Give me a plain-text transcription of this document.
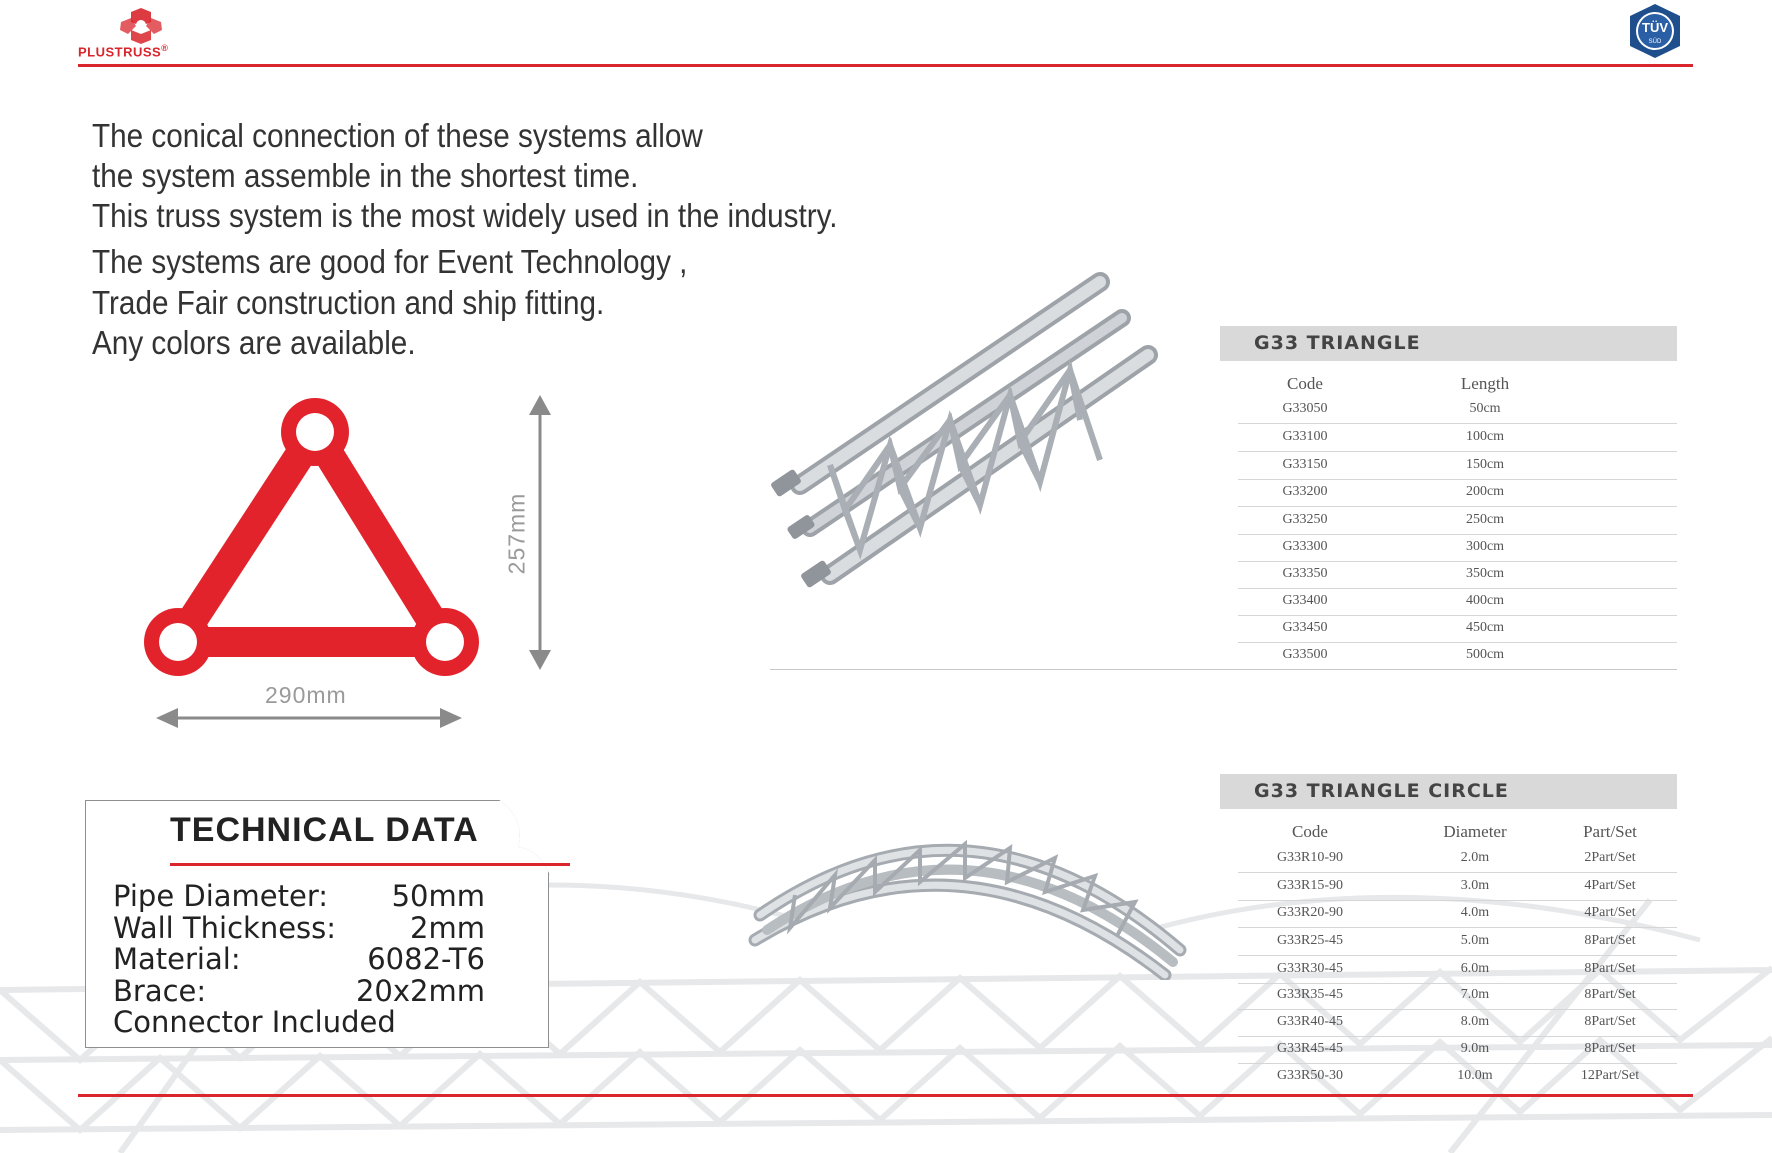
PLUSTRUSS®
TÜV
SÜD
The conical connection of these systems allow
the system assemble in the shortest time.
This truss system is the most widely used in the industry.
The systems are good for Event Technology ,
Trade Fair construction and ship fitting.
Any colors are available.
257mm
290mm
G33 TRIANGLE
Code	Length
G33050	50cm
G33100	100cm
G33150	150cm
G33200	200cm
G33250	250cm
G33300	300cm
G33350	350cm
G33400	400cm
G33450	450cm
G33500	500cm
G33 TRIANGLE CIRCLE
Code	Diameter	Part/Set
G33R10-90	2.0m	2Part/Set
G33R15-90	3.0m	4Part/Set
G33R20-90	4.0m	4Part/Set
G33R25-45	5.0m	8Part/Set
G33R30-45	6.0m	8Part/Set
G33R35-45	7.0m	8Part/Set
G33R40-45	8.0m	8Part/Set
G33R45-45	9.0m	8Part/Set
G33R50-30	10.0m	12Part/Set
TECHNICAL DATA
Pipe Diameter: 50mm
Wall Thickness:	2mm
Material:	6082-T6
Brace:	20x2mm
Connector Included
